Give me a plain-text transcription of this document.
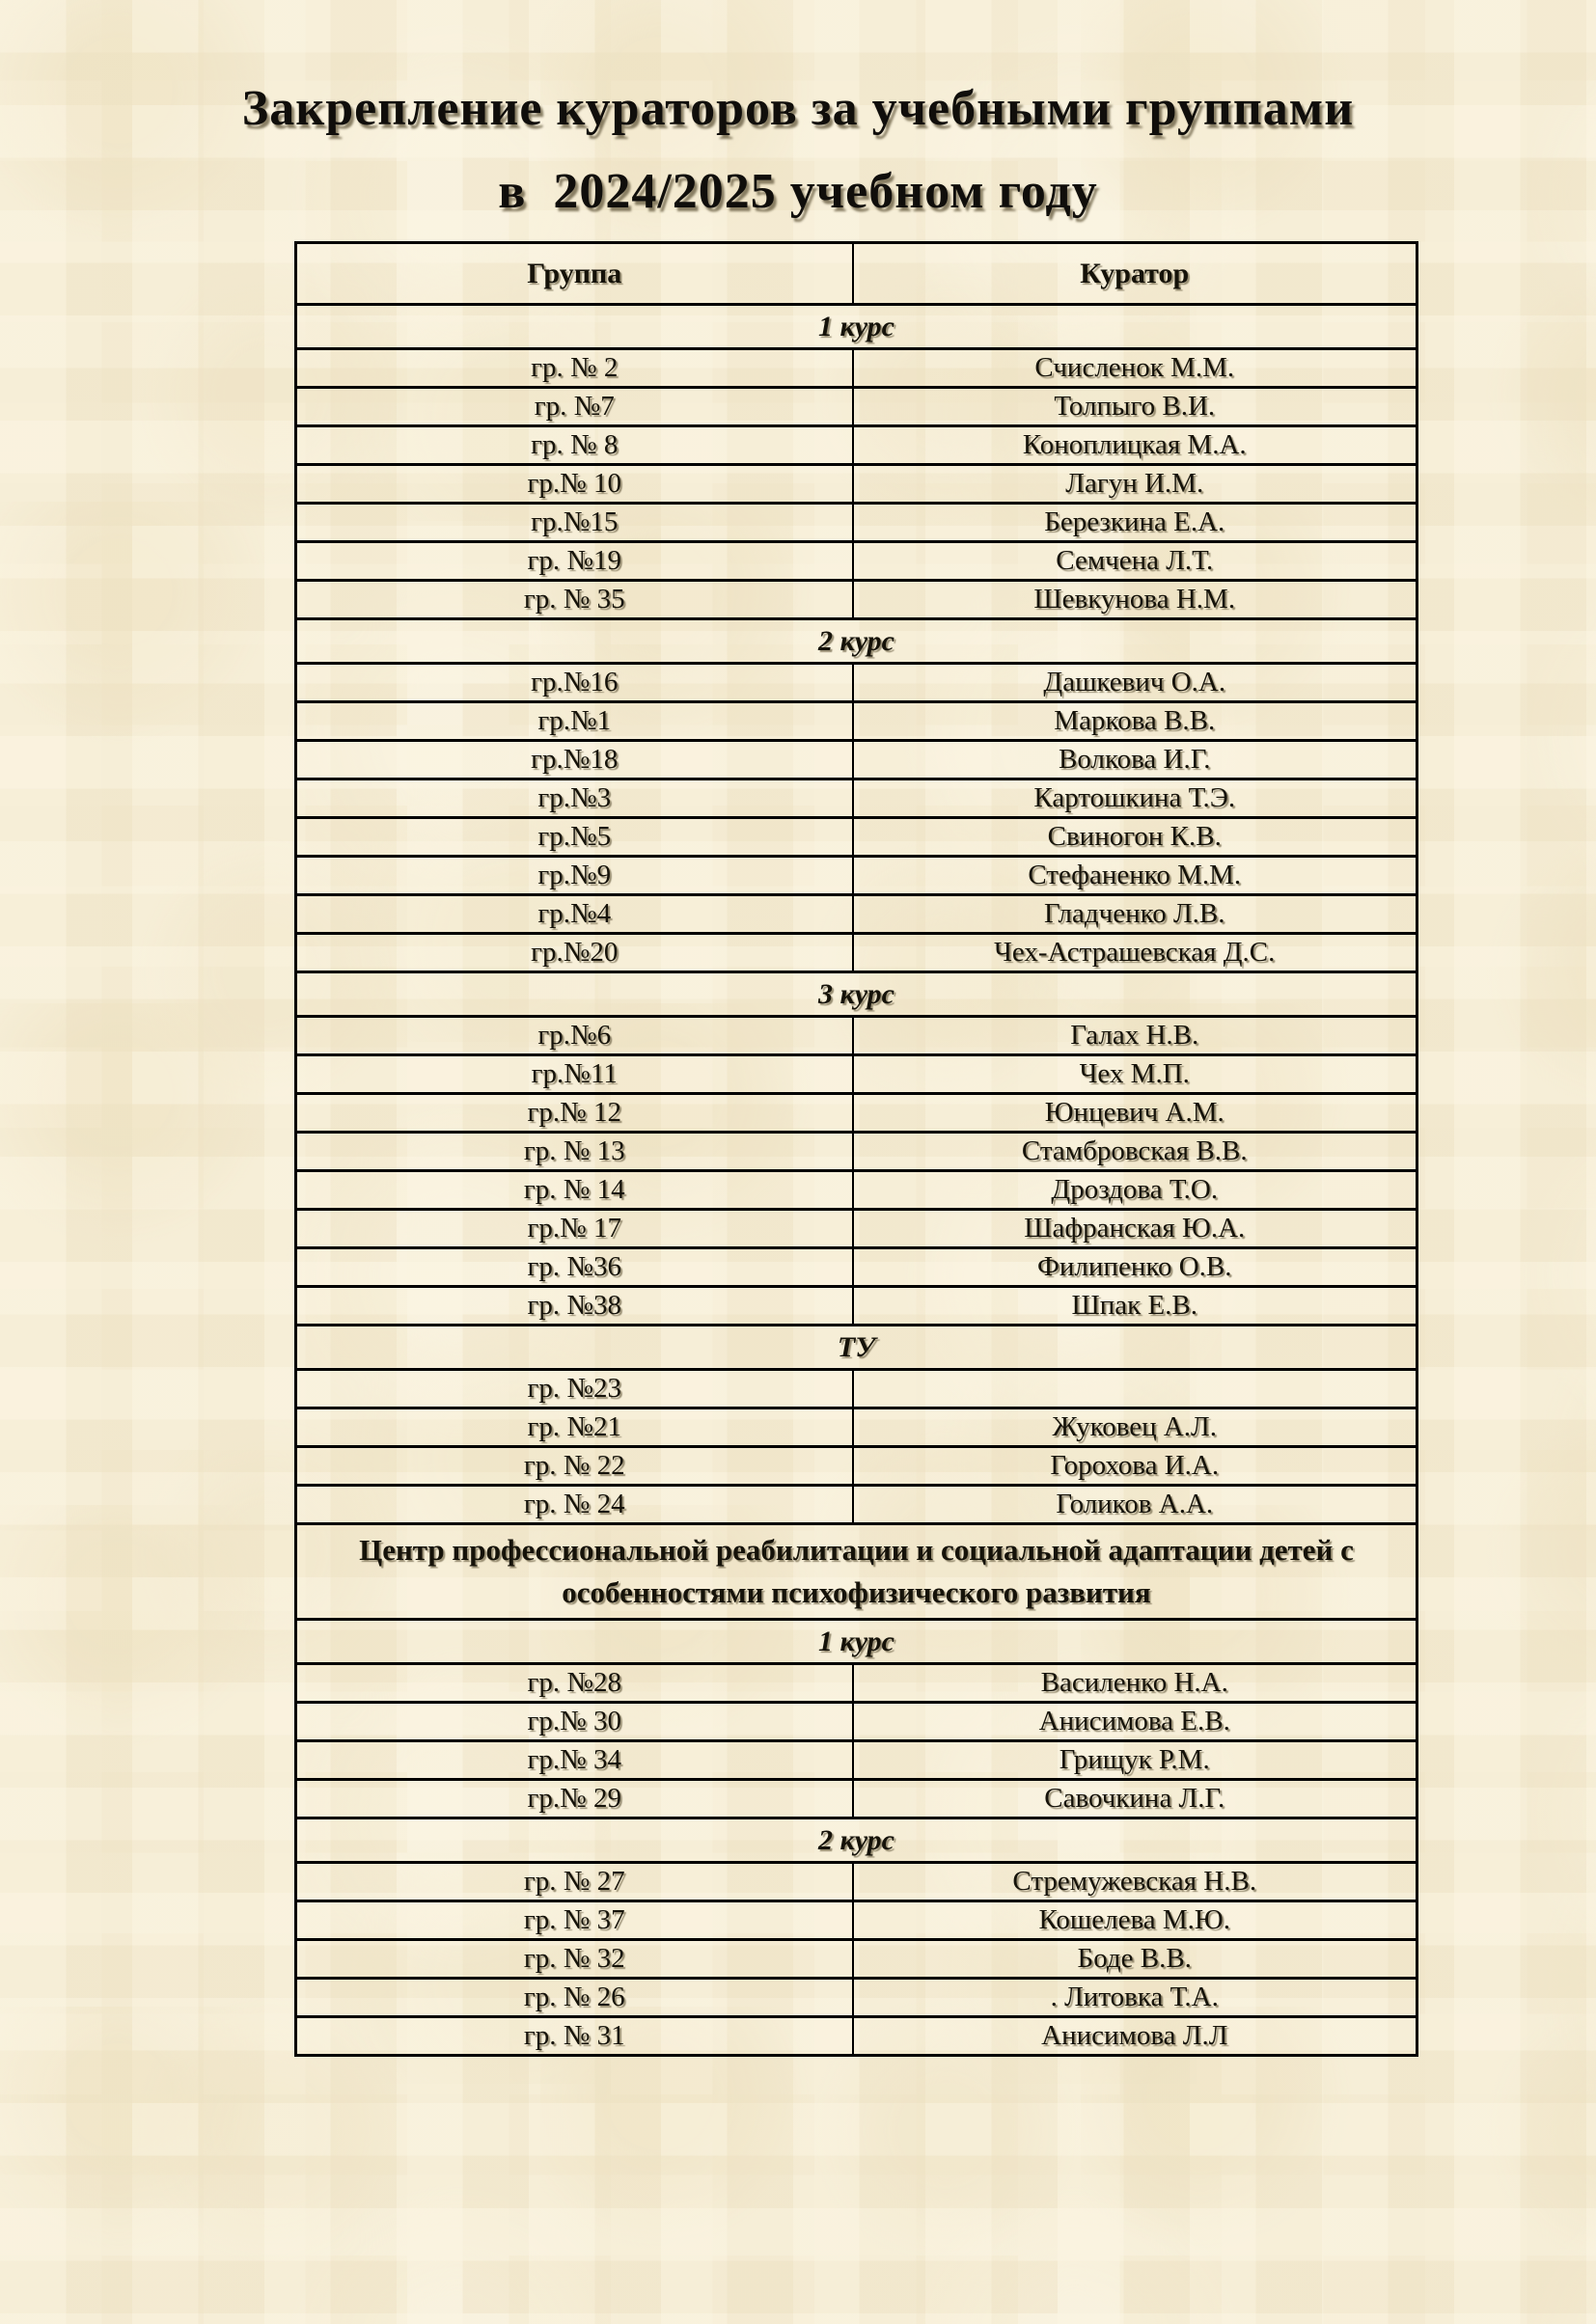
Закрепление кураторов за учебными группами
в  2024/2025 учебном году
Группа	Куратор
1 курс	
гр. № 2	Счисленок М.М.
гр. №7	Толпыго В.И.
гр. № 8	Коноплицкая М.А.
гр.№ 10	Лагун И.М.
гр.№15	Березкина Е.А.
гр. №19	Семчена Л.Т.
гр. № 35	Шевкунова Н.М.
2 курс	
гр.№16	Дашкевич О.А.
гр.№1	Маркова В.В.
гр.№18	Волкова И.Г.
гр.№3	Картошкина Т.Э.
гр.№5	Свиногон К.В.
гр.№9	Стефаненко М.М.
гр.№4	Гладченко Л.В.
гр.№20	Чех-Астрашевская Д.С.
3 курс	
гр.№6	Галах Н.В.
гр.№11	Чех М.П.
гр.№ 12	Юнцевич А.М.
гр. № 13	Стамбровская В.В.
гр. № 14	Дроздова Т.О.
гр.№ 17	Шафранская Ю.А.
гр. №36	Филипенко О.В.
гр. №38	Шпак Е.В.
ТУ	
гр. №23	
гр. №21	Жуковец А.Л.
гр. № 22	Горохова И.А.
гр. № 24	Голиков А.А.
Центр профессиональной реабилитации и социальной адаптации детей с особенностями психофизического развития	
1 курс	
гр. №28	Василенко Н.А.
гр.№ 30	Анисимова Е.В.
гр.№ 34	Грищук Р.М.
гр.№ 29	Савочкина Л.Г.
2 курс	
гр. № 27	Стремужевская Н.В.
гр. № 37	Кошелева М.Ю.
гр. № 32	Боде В.В.
гр. № 26	. Литовка Т.А.
гр. № 31	Анисимова Л.Л
